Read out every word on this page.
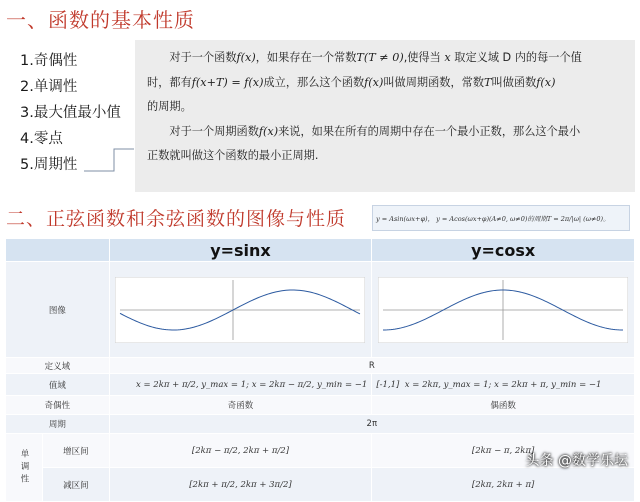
一、函数的基本性质
1.奇偶性
2.单调性
3.最大值最小值
4.零点
5.周期性

对于一个函数f(x)，如果存在一个常数T(T ≠ 0),使得当 x 取定义域 D 内的每一个值

时，都有f(x+T) = f(x)成立，那么这个函数f(x)叫做周期函数，常数T叫做函数f(x)

的周期。

对于一个周期函数f(x)来说，如果在所有的周期中存在一个最小正数，那么这个最小

正数就叫做这个函数的最小正周期.

二、正弦函数和余弦函数的图像与性质	y = Asin(ωx+φ)， y = Acos(ωx+φ)(A≠0, ω≠0)的周期T = 2π/|ω| (ω≠0)。
		y=sinx	y=cosx
图像	

定义域		R	
值域		x = 2kπ + π/2, y_max = 1; x = 2kπ − π/2, y_min = −1	[-1,1] x = 2kπ, y_max = 1; x = 2kπ + π, y_min = −1
奇偶性		奇函数	偶函数
周期		2π	
单调性	增区间	[2kπ − π/2, 2kπ + π/2]	[2kπ − π, 2kπ]
	减区间	[2kπ + π/2, 2kπ + 3π/2]	[2kπ, 2kπ + π]
头条 @数学乐坛
